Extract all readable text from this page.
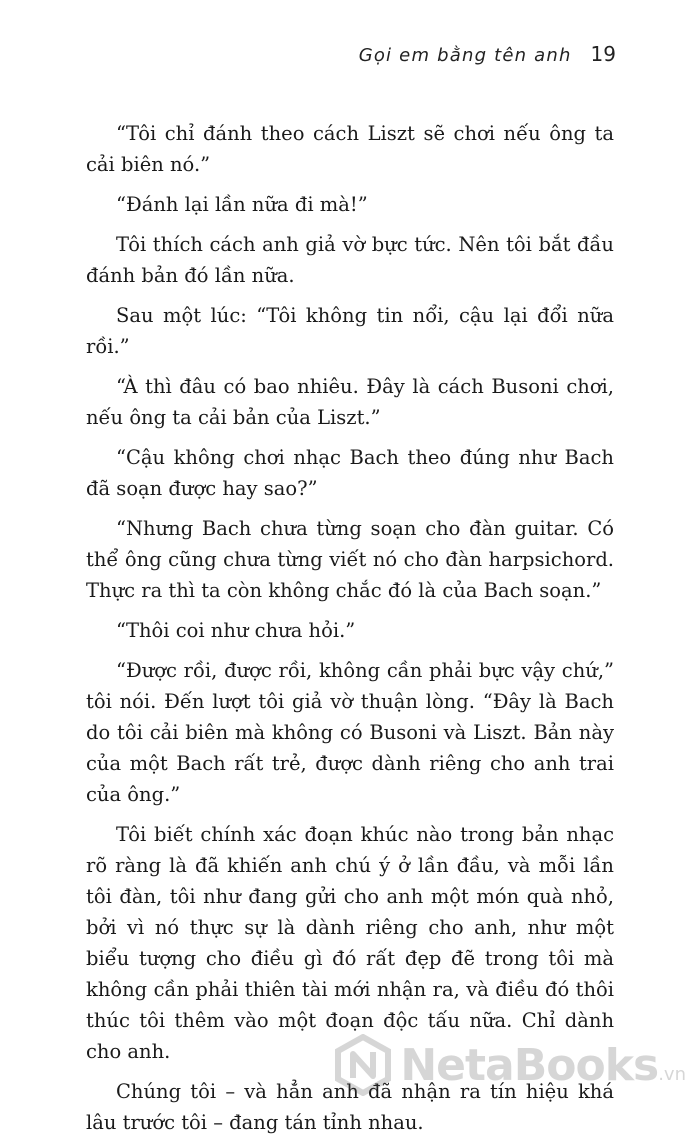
Gọi em bằng tên anh 19

“Tôi chỉ đánh theo cách Liszt sẽ chơi nếu ông ta cải biên nó.”

“Đánh lại lần nữa đi mà!”

Tôi thích cách anh giả vờ bực tức. Nên tôi bắt đầu đánh bản đó lần nữa.

Sau một lúc: “Tôi không tin nổi, cậu lại đổi nữa rồi.”

“À thì đâu có bao nhiêu. Đây là cách Busoni chơi, nếu ông ta cải bản của Liszt.”

“Cậu không chơi nhạc Bach theo đúng như Bach đã soạn được hay sao?”

“Nhưng Bach chưa từng soạn cho đàn guitar. Có thể ông cũng chưa từng viết nó cho đàn harpsichord. Thực ra thì ta còn không chắc đó là của Bach soạn.”

“Thôi coi như chưa hỏi.”

“Được rồi, được rồi, không cần phải bực vậy chứ,” tôi nói. Đến lượt tôi giả vờ thuận lòng. “Đây là Bach do tôi cải biên mà không có Busoni và Liszt. Bản này của một Bach rất trẻ, được dành riêng cho anh trai của ông.”

Tôi biết chính xác đoạn khúc nào trong bản nhạc rõ ràng là đã khiến anh chú ý ở lần đầu, và mỗi lần tôi đàn, tôi như đang gửi cho anh một món quà nhỏ, bởi vì nó thực sự là dành riêng cho anh, như một biểu tượng cho điều gì đó rất đẹp đẽ trong tôi mà không cần phải thiên tài mới nhận ra, và điều đó thôi thúc tôi thêm vào một đoạn độc tấu nữa. Chỉ dành cho anh.

Chúng tôi – và hẳn anh đã nhận ra tín hiệu khá lâu trước tôi – đang tán tỉnh nhau.

NetaBooks.vn
